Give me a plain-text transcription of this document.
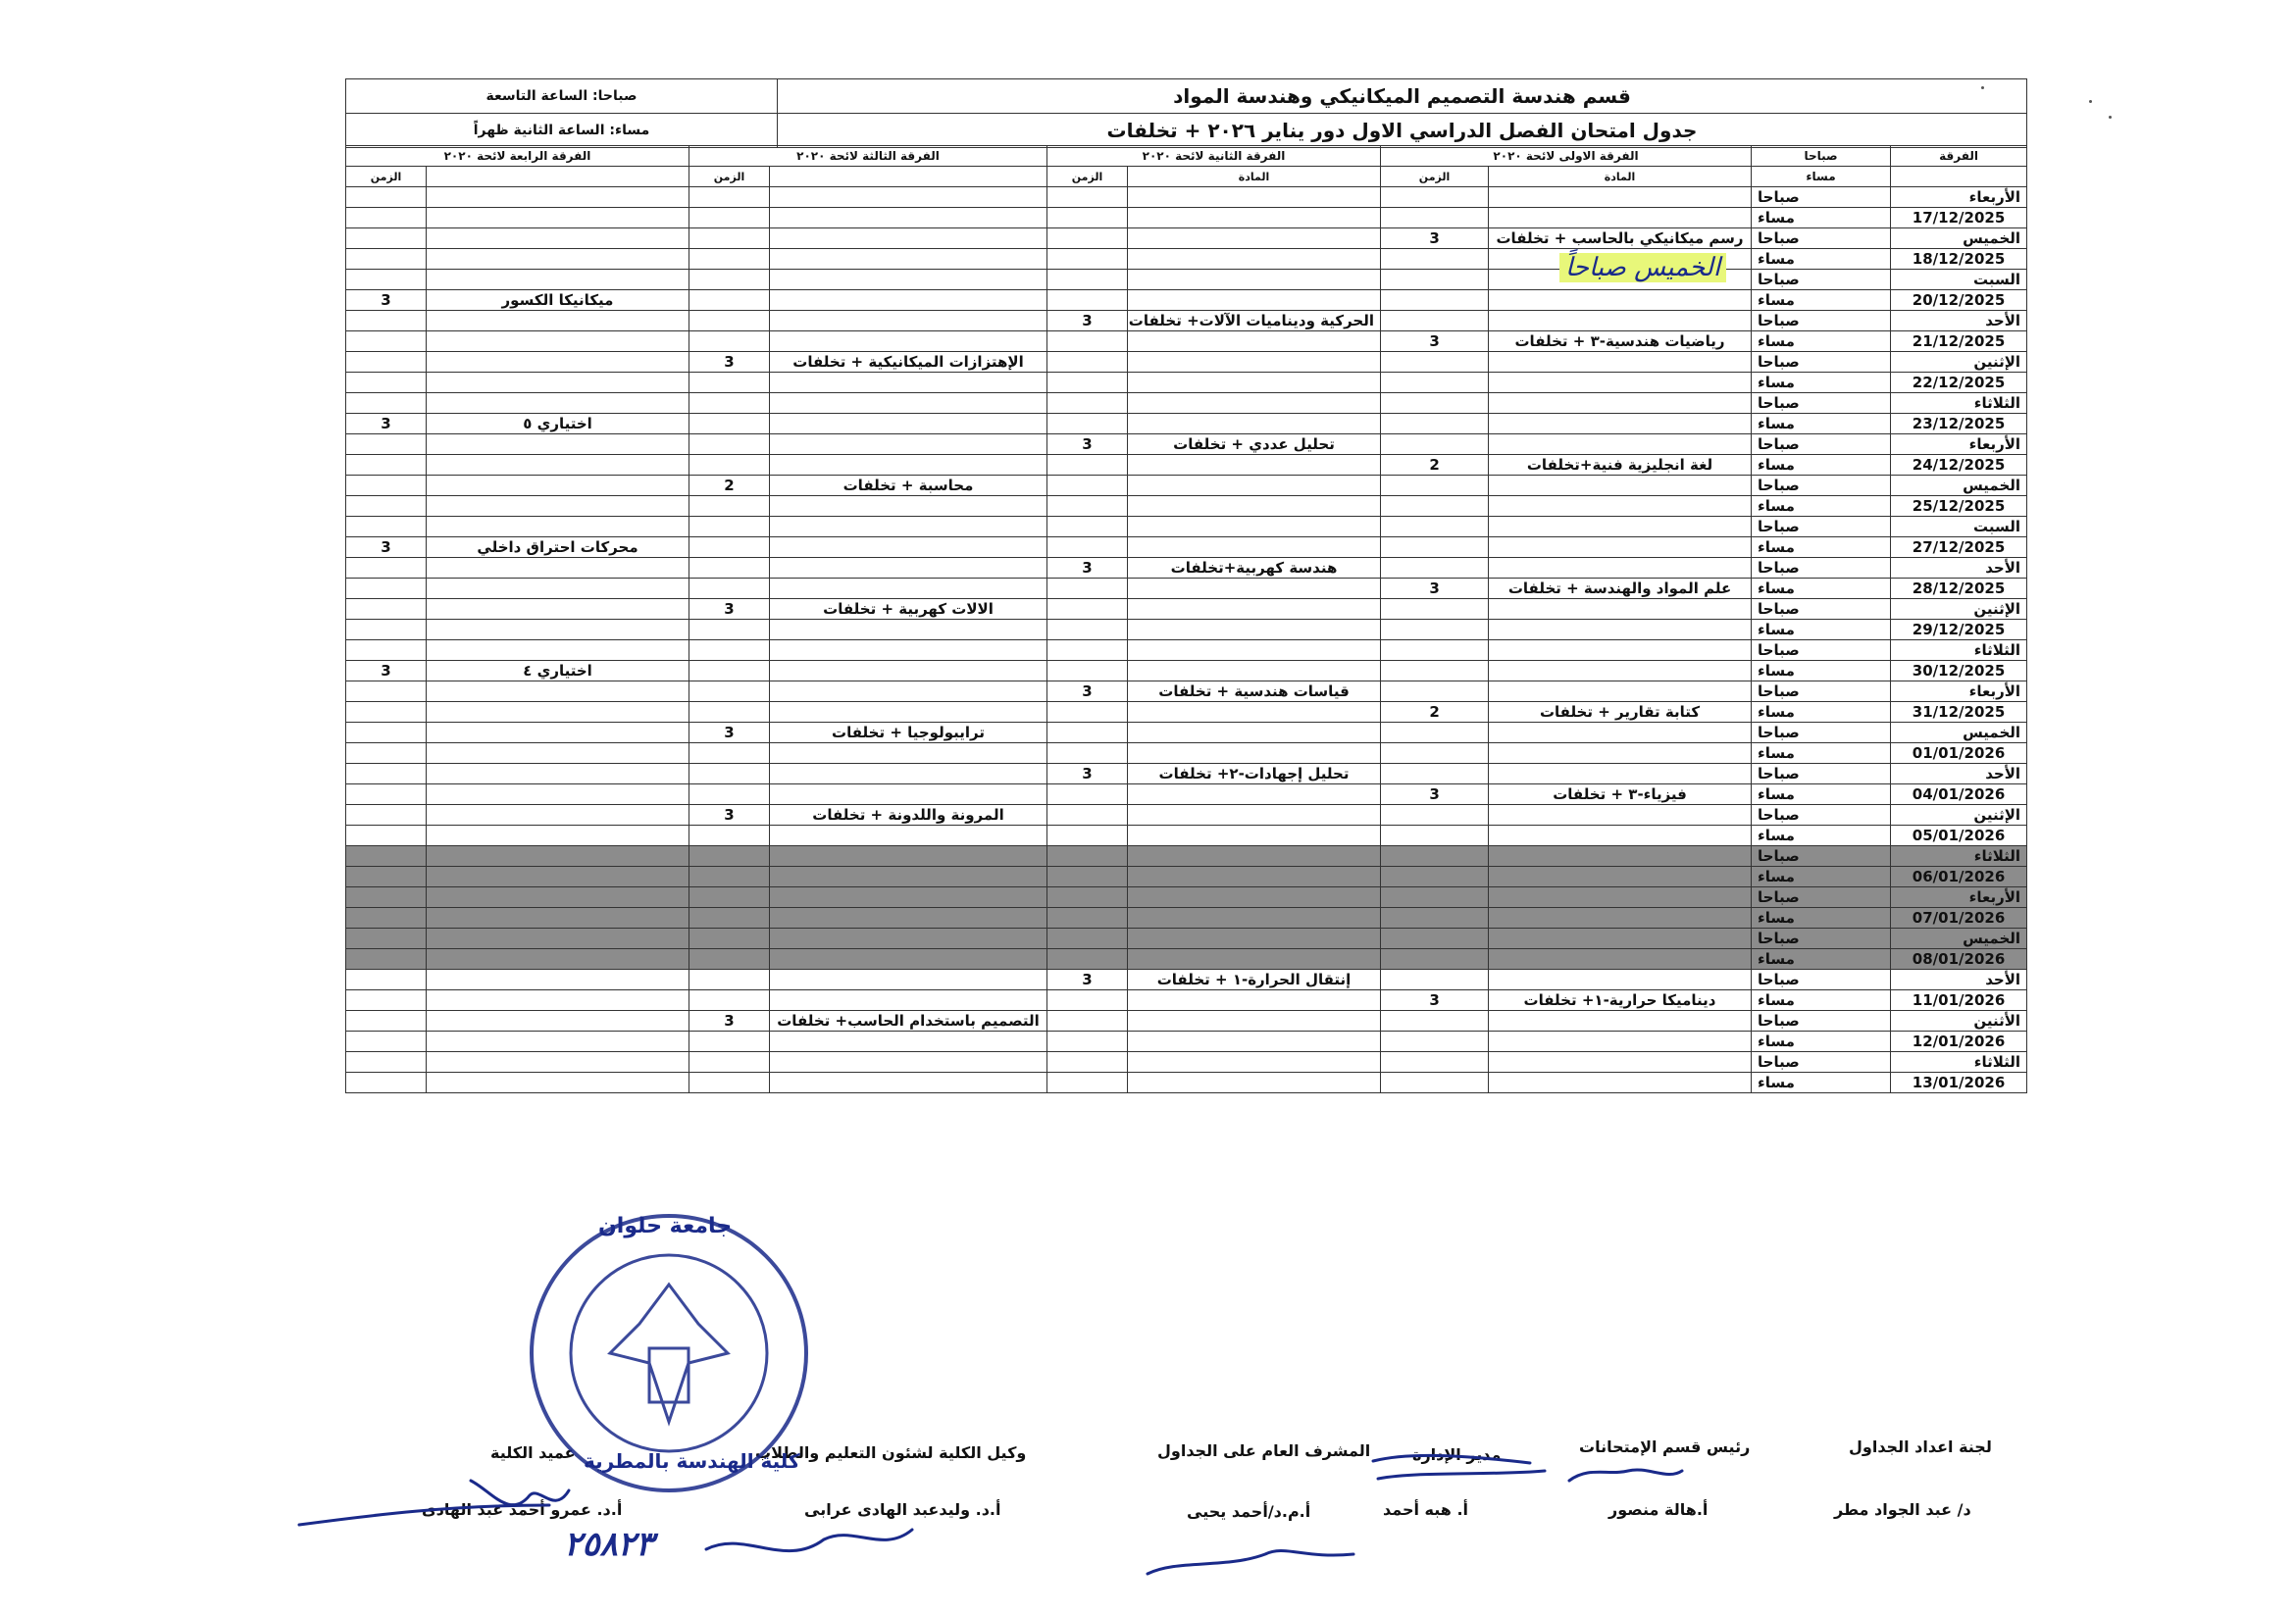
صباحا: الساعة التاسعة	قسم هندسة التصميم الميكانيكي وهندسة المواد
مساء: الساعة الثانية ظهراً	جدول امتحان الفصل الدراسي الاول دور يناير ٢٠٢٦ + تخلفات
الفرقة الرابعة لائحة ٢٠٢٠		الفرقة الثالثة لائحة ٢٠٢٠		الفرقة الثانية لائحة ٢٠٢٠		الفرقة الاولى لائحة ٢٠٢٠		صباحا	الفرقة
الزمن		الزمن		الزمن	المادة	الزمن	المادة	مساء	
								صباحا	الأربعاء
								مساء	17/12/2025
						3	رسم ميكانيكي بالحاسب + تخلفات	صباحا	الخميس
								مساء	18/12/2025
								صباحا	السبت
3	ميكانيكا الكسور							مساء	20/12/2025
				3	الحركية وديناميات الآلات+ تخلفات			صباحا	الأحد
						3	رياضيات هندسية-٣ + تخلفات	مساء	21/12/2025
		3	الإهتزازات الميكانيكية + تخلفات					صباحا	الإثنين
								مساء	22/12/2025
								صباحا	الثلاثاء
3	اختياري ٥							مساء	23/12/2025
				3	تحليل عددي + تخلفات			صباحا	الأربعاء
						2	لغة انجليزية فنية+تخلفات	مساء	24/12/2025
		2	محاسبة + تخلفات					صباحا	الخميس
								مساء	25/12/2025
								صباحا	السبت
3	محركات احتراق داخلي							مساء	27/12/2025
				3	هندسة كهربية+تخلفات			صباحا	الأحد
						3	علم المواد والهندسة + تخلفات	مساء	28/12/2025
		3	الالات كهربية + تخلفات					صباحا	الإثنين
								مساء	29/12/2025
								صباحا	الثلاثاء
3	اختياري ٤							مساء	30/12/2025
				3	قياسات هندسية + تخلفات			صباحا	الأربعاء
						2	كتابة تقارير + تخلفات	مساء	31/12/2025
		3	ترايبولوجيا + تخلفات					صباحا	الخميس
								مساء	01/01/2026
				3	تحليل إجهادات-٢+ تخلفات			صباحا	الأحد
						3	فيزياء-٣ + تخلفات	مساء	04/01/2026
		3	المرونة واللدونة + تخلفات					صباحا	الإثنين
								مساء	05/01/2026
								صباحا	الثلاثاء
								مساء	06/01/2026
								صباحا	الأربعاء
								مساء	07/01/2026
								صباحا	الخميس
								مساء	08/01/2026
				3	إنتقال الحرارة-١ + تخلفات			صباحا	الأحد
						3	ديناميكا حرارية-١+ تخلفات	مساء	11/01/2026
		3	التصميم باستخدام الحاسب+ تخلفات					صباحا	الأثنين
								مساء	12/01/2026
								صباحا	الثلاثاء
								مساء	13/01/2026
الخميس صباحاً
لجنة اعداد الجداول
د/ عبد الجواد مطر
رئيس قسم الإمتحانات
أ.هالة منصور
مدير الإدارة
أ. هبه أحمد
المشرف العام على الجداول
أ.م.د/أحمد يحيى
وكيل الكلية لشئون التعليم والطلاب
أ.د. وليدعبد الهادى عرابى
عميد الكلية
أ.د. عمرو أحمد عبد الهادى
جامعة حلوان
كلية الهندسة بالمطرية
٢٥٨٢٣
